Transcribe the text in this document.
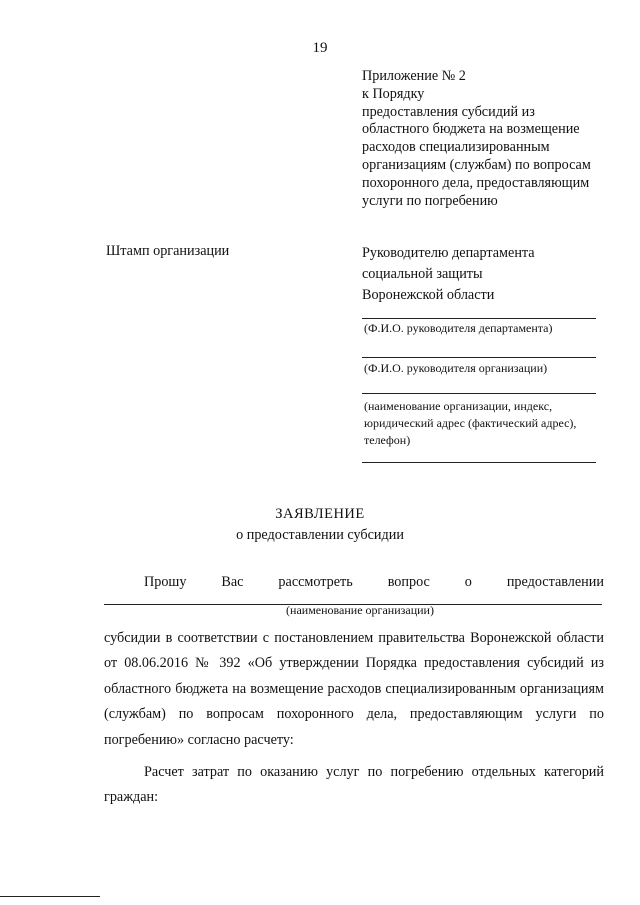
19
Приложение № 2
к Порядку
предоставления субсидий из
областного бюджета на возмещение
расходов специализированным
организациям (службам) по вопросам
похоронного дела, предоставляющим
услуги по погребению
Штамп организации	Руководителю департамента
социальной защиты
Воронежской области
(Ф.И.О. руководителя департамента)
(Ф.И.О. руководителя организации)
(наименование организации, индекс,
юридический адрес (фактический адрес),
телефон)
ЗАЯВЛЕНИЕ
о предоставлении субсидии
Прошу Вас рассмотреть вопрос о предоставлении
(наименование организации)
субсидии в соответствии с постановлением правительства Воронежской области от 08.06.2016 № 392 «Об утверждении Порядка предоставления субсидий из областного бюджета на возмещение расходов специализированным организациям (службам) по вопросам похоронного дела, предоставляющим услуги по погребению» согласно расчету:
Расчет затрат по оказанию услуг по погребению отдельных категорий граждан:
